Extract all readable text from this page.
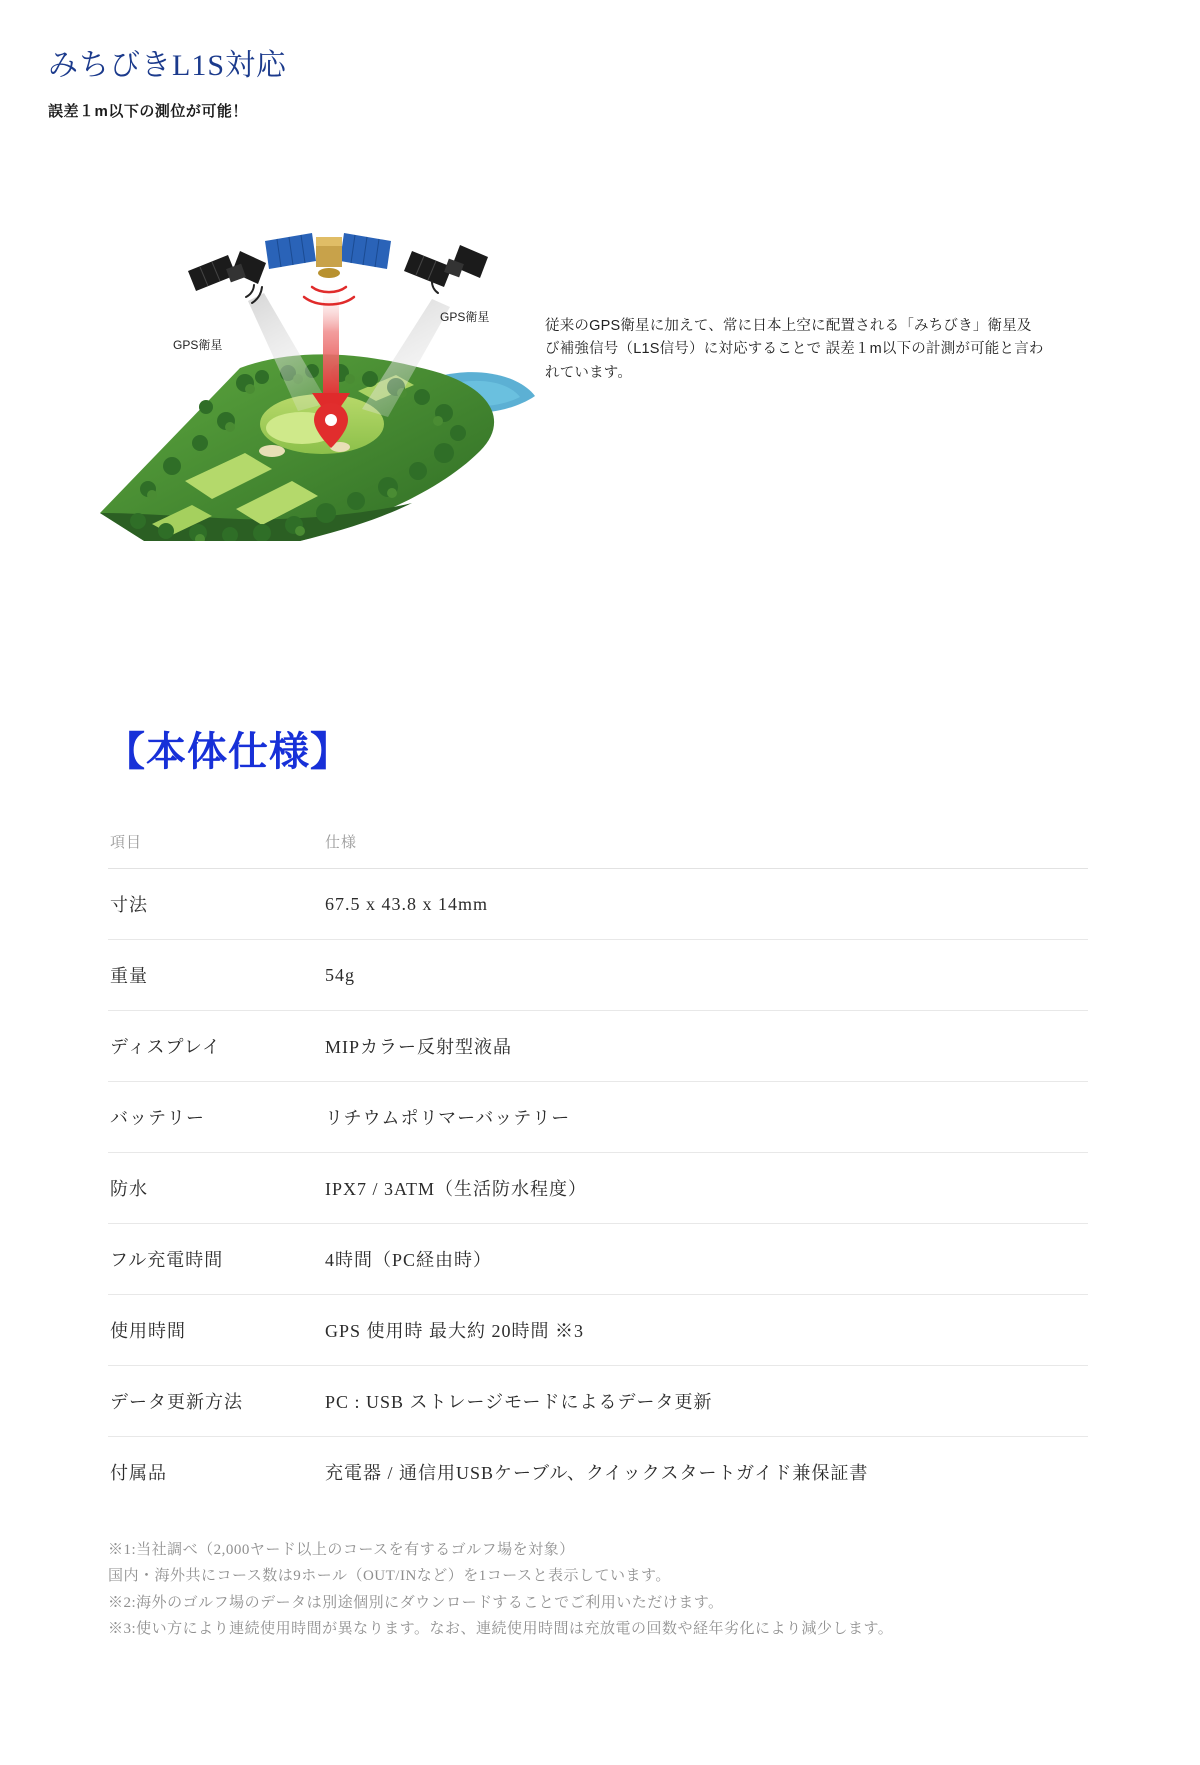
みちびきL1S対応
誤差１m以下の測位が可能！
GPS衛星
GPS衛星

従来のGPS衛星に加えて、常に日本上空に配置される「みちびき」衛星及び補強信号（L1S信号）に対応することで 誤差１m以下の計測が可能と言われています。

【本体仕様】
項目	仕様
寸法	67.5 x 43.8 x 14mm
重量	54g
ディスプレイ	MIPカラー反射型液晶
バッテリー	リチウムポリマーバッテリー
防水	IPX7 / 3ATM（生活防水程度）
フル充電時間	4時間（PC経由時）
使用時間	GPS 使用時 最大約 20時間 ※3
データ更新方法	PC : USB ストレージモードによるデータ更新
付属品	充電器 / 通信用USBケーブル、クイックスタートガイド兼保証書
※1:当社調べ（2,000ヤード以上のコースを有するゴルフ場を対象）
国内・海外共にコース数は9ホール（OUT/INなど）を1コースと表示しています。
※2:海外のゴルフ場のデータは別途個別にダウンロードすることでご利用いただけます。
※3:使い方により連続使用時間が異なります。なお、連続使用時間は充放電の回数や経年劣化により減少します。
